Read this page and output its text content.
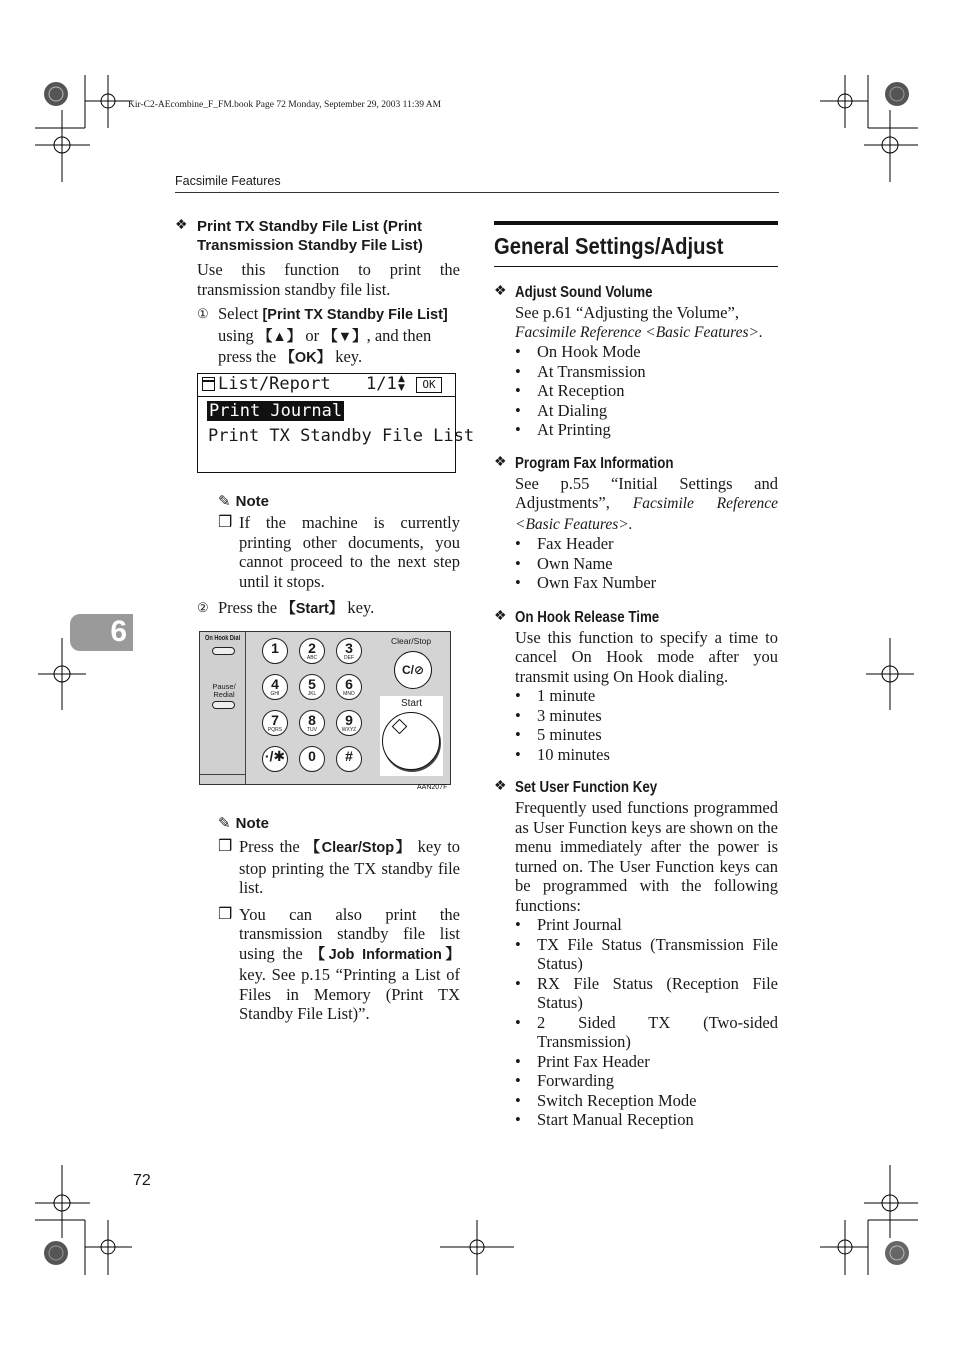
Kir-C2-AEcombine_F_FM.book Page 72 Monday, September 29, 2003 11:39 AM
Facsimile Features
6
❖ Print TX Standby File List (Print
Transmission Standby File List)
Use this function to print the transmission standby file list.
① Select [Print TX Standby File List] using 【▲】 or 【▼】, and then press the 【OK】 key.
List/Report 1/1 ▲
▼	OK
Print Journal
Print TX Standby File List
✎ Note
❒ If the machine is currently printing other documents, you cannot proceed to the next step until it stops.
② Press the 【Start】 key.
On Hook Dial
Pause/ Redial
1	2
ABC
3
DEF
4
GHI
5
JKL
6
MNO
7
PQRS
8
TUV
9
WXYZ
·/✱	0	#
Clear/Stop
C/⊘
Start
AAN207F
✎ Note
❒ Press the 【Clear/Stop】 key to stop printing the TX standby file list.
❒ You can also print the transmission standby file list using the 【Job Information】 key. See p.15 “Printing a List of Files in Memory (Print TX Standby File List)”.
General Settings/Adjust
❖ Adjust Sound Volume
See p.61 “Adjusting the Volume”,
Facsimile Reference <Basic Features>.
• On Hook Mode
• At Transmission
• At Reception
• At Dialing
• At Printing
❖ Program Fax Information
See p.55 “Initial Settings and Adjustments”, Facsimile Reference <Basic Features>.
• Fax Header
• Own Name
• Own Fax Number
❖ On Hook Release Time
Use this function to specify a time to cancel On Hook mode after you transmit using On Hook dialing.
• 1 minute
• 3 minutes
• 5 minutes
• 10 minutes
❖ Set User Function Key
Frequently used functions programmed as User Function keys are shown on the menu immediately after the power is turned on. The User Function keys can be programmed with the following functions:
• Print Journal
• TX File Status (Transmission File Status)
• RX File Status (Reception File Status)
• 2 Sided TX (Two-sided Transmission)
• Print Fax Header
• Forwarding
• Switch Reception Mode
• Start Manual Reception
72
